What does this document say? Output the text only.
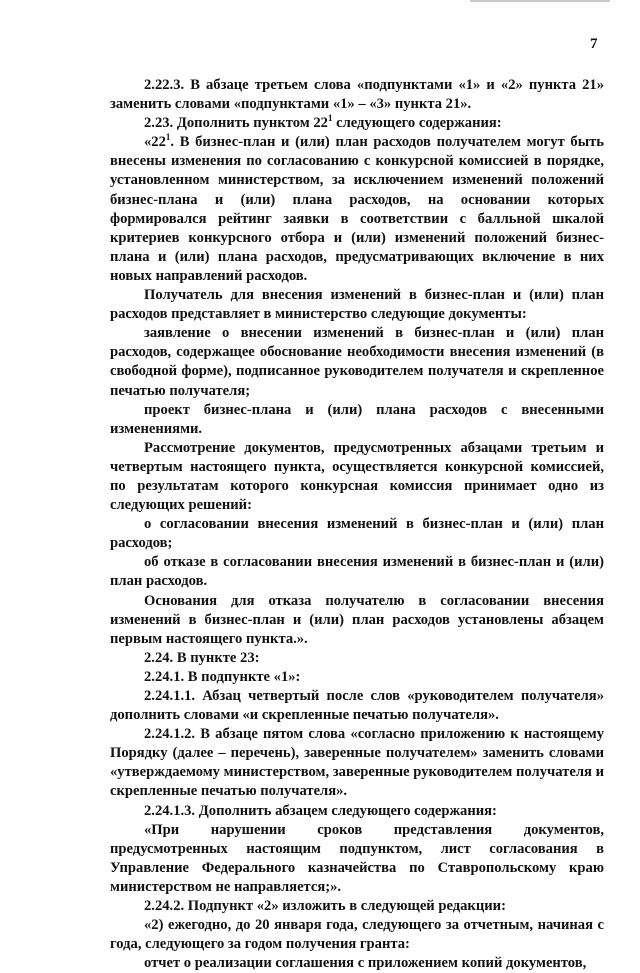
7

2.22.3. В абзаце третьем слова «подпунктами «1» и «2» пункта 21» заменить словами «подпунктами «1» – «3» пункта 21».

2.23. Дополнить пунктом $22^1$ следующего содержания:

«$22^1$. В бизнес-план и (или) план расходов получателем могут быть внесены изменения по согласованию с конкурсной комиссией в порядке, установленном министерством, за исключением изменений положений бизнес-плана и (или) плана расходов, на основании которых формировался рейтинг заявки в соответствии с балльной шкалой критериев конкурсного отбора и (или) изменений положений бизнес-плана и (или) плана расходов, предусматривающих включение в них новых направлений расходов.

Получатель для внесения изменений в бизнес-план и (или) план расходов представляет в министерство следующие документы:

заявление о внесении изменений в бизнес-план и (или) план расходов, содержащее обоснование необходимости внесения изменений (в свободной форме), подписанное руководителем получателя и скрепленное печатью получателя;

проект бизнес-плана и (или) плана расходов с внесенными изменениями.

Рассмотрение документов, предусмотренных абзацами третьим и четвертым настоящего пункта, осуществляется конкурсной комиссией, по результатам которого конкурсная комиссия принимает одно из следующих решений:

о согласовании внесения изменений в бизнес-план и (или) план расходов;

об отказе в согласовании внесения изменений в бизнес-план и (или) план расходов.

Основания для отказа получателю в согласовании внесения изменений в бизнес-план и (или) план расходов установлены абзацем первым настоящего пункта.».

2.24. В пункте 23:

2.24.1. В подпункте «1»:

2.24.1.1. Абзац четвертый после слов «руководителем получателя» дополнить словами «и скрепленные печатью получателя».

2.24.1.2. В абзаце пятом слова «согласно приложению к настоящему Порядку (далее – перечень), заверенные получателем» заменить словами «утверждаемому министерством, заверенные руководителем получателя и скрепленные печатью получателя».

2.24.1.3. Дополнить абзацем следующего содержания:

«При нарушении сроков представления документов, предусмотренных настоящим подпунктом, лист согласования в Управление Федерального казначейства по Ставропольскому краю министерством не направляется;».

2.24.2. Подпункт «2» изложить в следующей редакции:

«2) ежегодно, до 20 января года, следующего за отчетным, начиная с года, следующего за годом получения гранта:

отчет о реализации соглашения с приложением копий документов,
